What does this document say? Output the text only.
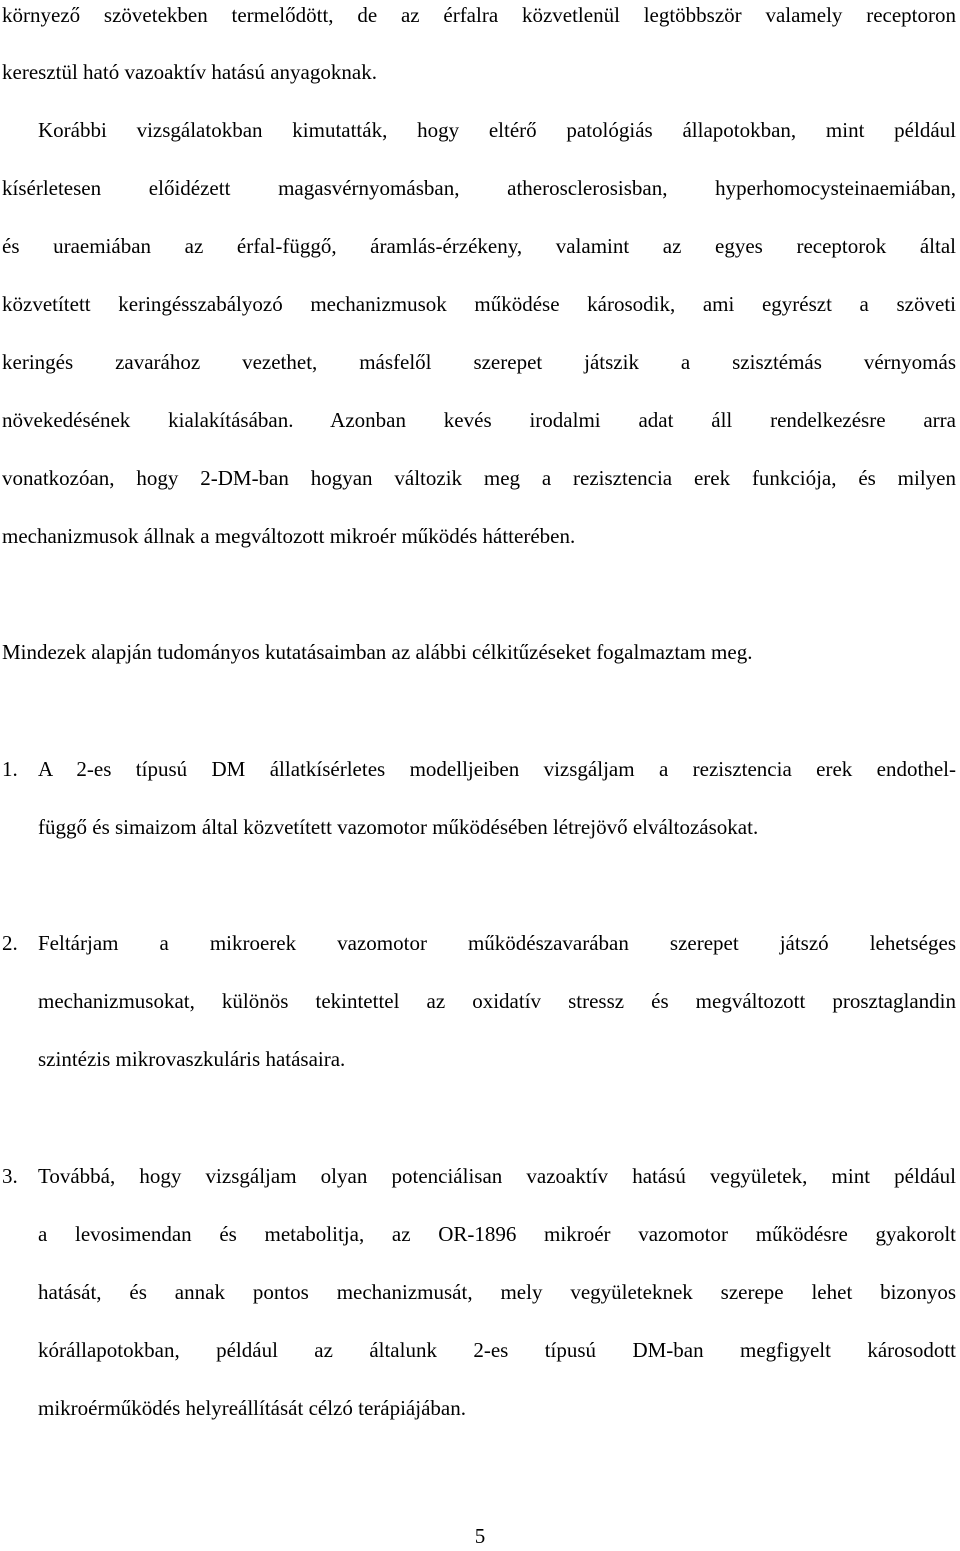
környező szövetekben termelődött, de az érfalra közvetlenül legtöbbször valamely receptoron
keresztül ható vazoaktív hatású anyagoknak.
Korábbi vizsgálatokban kimutatták, hogy eltérő patológiás állapotokban, mint például
kísérletesen előidézett magasvérnyomásban, atherosclerosisban, hyperhomocysteinaemiában,
és uraemiában az érfal-függő, áramlás-érzékeny, valamint az egyes receptorok által
közvetített keringésszabályozó mechanizmusok működése károsodik, ami egyrészt a szöveti
keringés zavarához vezethet, másfelől szerepet játszik a szisztémás vérnyomás
növekedésének kialakításában. Azonban kevés irodalmi adat áll rendelkezésre arra
vonatkozóan, hogy 2-DM-ban hogyan változik meg a rezisztencia erek funkciója, és milyen
mechanizmusok állnak a megváltozott mikroér működés hátterében.
Mindezek alapján tudományos kutatásaimban az alábbi célkitűzéseket fogalmaztam meg.
1. A 2-es típusú DM állatkísérletes modelljeiben vizsgáljam a rezisztencia erek endothel-
függő és simaizom által közvetített vazomotor működésében létrejövő elváltozásokat.
2. Feltárjam a mikroerek vazomotor működészavarában szerepet játszó lehetséges
mechanizmusokat, különös tekintettel az oxidatív stressz és megváltozott prosztaglandin
szintézis mikrovaszkuláris hatásaira.
3. Továbbá, hogy vizsgáljam olyan potenciálisan vazoaktív hatású vegyületek, mint például
a levosimendan és metabolitja, az OR-1896 mikroér vazomotor működésre gyakorolt
hatását, és annak pontos mechanizmusát, mely vegyületeknek szerepe lehet bizonyos
kórállapotokban, például az általunk 2-es típusú DM-ban megfigyelt károsodott
mikroérműködés helyreállítását célzó terápiájában.
5
